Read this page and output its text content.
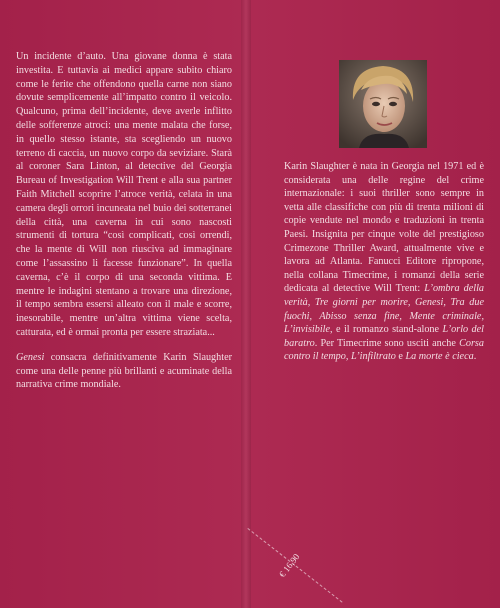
Un incidente d’auto. Una giovane donna è stata investita. E tuttavia ai medici appare subito chiaro come le ferite che offendono quella carne non siano dovute semplicemente all’impatto contro il veicolo. Qualcuno, prima dell’incidente, deve averle inflitto delle sofferenze atroci: una mente malata che forse, in quello stesso istante, sta scegliendo un nuovo terreno di caccia, un nuovo corpo da seviziare. Starà al coroner Sara Linton, al detective del Georgia Bureau of Investigation Will Trent e alla sua partner Faith Mitchell scoprire l’atroce verità, celata in una camera degli orrori incuneata nel buio dei sotterranei della città, una caverna in cui sono nascosti strumenti di tortura “così complicati, così orrendi, che la mente di Will non riusciva ad immaginare come l’assassino li facesse funzionare”. In quella caverna, c’è il corpo di una seconda vittima. E mentre le indagini stentano a trovare una direzione, il tempo sembra essersi alleato con il male e scorre, inesorabile, mentre un’altra vittima viene scelta, catturata, ed è ormai pronta per essere straziata...

Genesi consacra definitivamente Karin Slaughter come una delle penne più brillanti e acuminate della narrativa crime mondiale.

Karin Slaughter è nata in Georgia nel 1971 ed è considerata una delle regine del crime internazionale: i suoi thriller sono sempre in vetta alle classifiche con più di trenta milioni di copie vendute nel mondo e traduzioni in trenta Paesi. Insignita per cinque volte del prestigioso Crimezone Thriller Award, attualmente vive e lavora ad Atlanta. Fanucci Editore ripropone, nella collana Timecrime, i romanzi della serie dedicata al detective Will Trent: L’ombra della verità, Tre giorni per morire, Genesi, Tra due fuochi, Abisso senza fine, Mente criminale, L’invisibile, e il romanzo stand-alone L’orlo del baratro. Per Timecrime sono usciti anche Corsa contro il tempo, L’infiltrato e La morte è cieca.

€ 16,90
